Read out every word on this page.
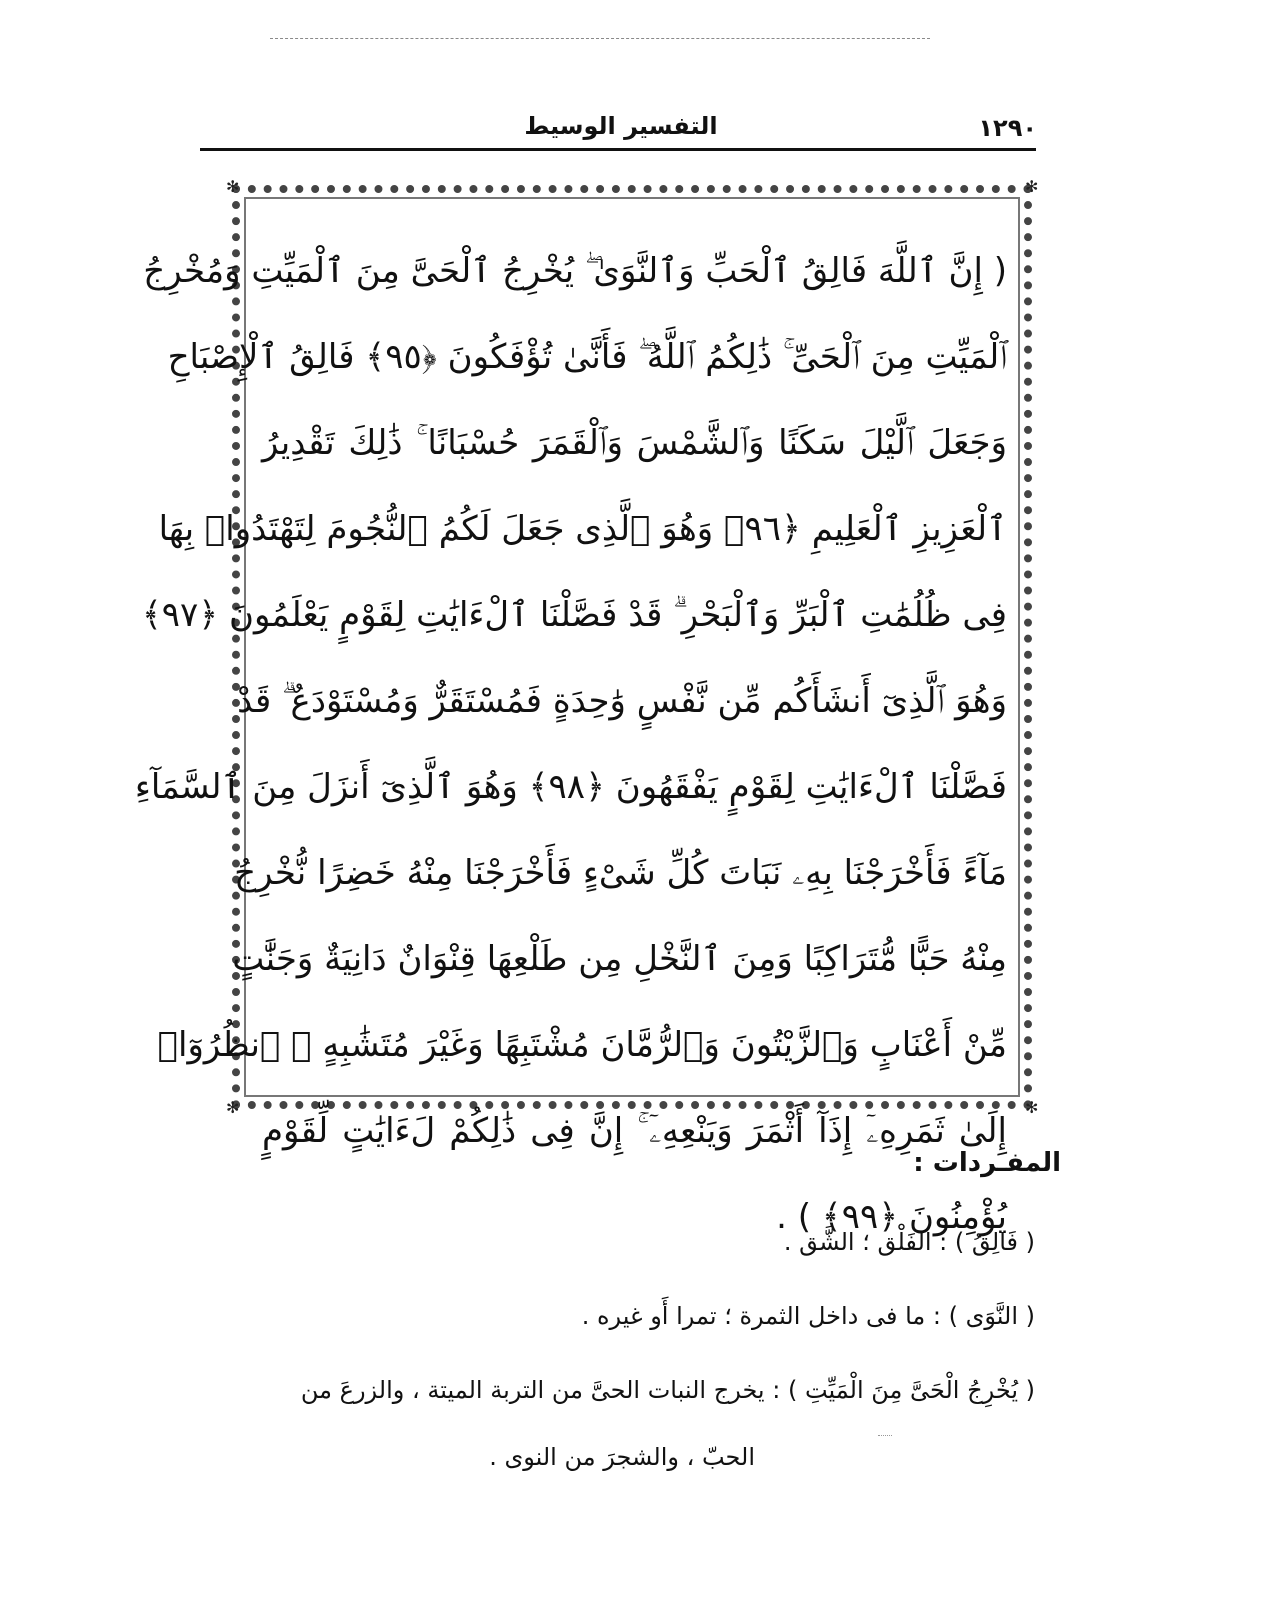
١٢٩٠
التفسير الوسيط
✻	✻
✻	✻
( إِنَّ ٱللَّهَ فَالِقُ ٱلْحَبِّ وَٱلنَّوَىٰ ۖ يُخْرِجُ ٱلْحَىَّ مِنَ ٱلْمَيِّتِ وَمُخْرِجُ
ٱلْمَيِّتِ مِنَ ٱلْحَىِّ ۚ ذَٰلِكُمُ ٱللَّهُ ۖ فَأَنَّىٰ تُؤْفَكُونَ ﴿٩٥﴾ فَالِقُ ٱلْإِصْبَاحِ
وَجَعَلَ ٱلَّيْلَ سَكَنًا وَٱلشَّمْسَ وَٱلْقَمَرَ حُسْبَانًا ۚ ذَٰلِكَ تَقْدِيرُ
ٱلْعَزِيزِ ٱلْعَلِيمِ ﴿٩٦﴾ وَهُوَ ٱلَّذِى جَعَلَ لَكُمُ ٱلنُّجُومَ لِتَهْتَدُوا۟ بِهَا
فِى ظُلُمَٰتِ ٱلْبَرِّ وَٱلْبَحْرِ ۗ قَدْ فَصَّلْنَا ٱلْءَايَٰتِ لِقَوْمٍ يَعْلَمُونَ ﴿٩٧﴾
وَهُوَ ٱلَّذِىٓ أَنشَأَكُم مِّن نَّفْسٍ وَٰحِدَةٍ فَمُسْتَقَرٌّ وَمُسْتَوْدَعٌ ۗ قَدْ
فَصَّلْنَا ٱلْءَايَٰتِ لِقَوْمٍ يَفْقَهُونَ ﴿٩٨﴾ وَهُوَ ٱلَّذِىٓ أَنزَلَ مِنَ ٱلسَّمَآءِ
مَآءً فَأَخْرَجْنَا بِهِۦ نَبَاتَ كُلِّ شَىْءٍ فَأَخْرَجْنَا مِنْهُ خَضِرًا نُّخْرِجُ
مِنْهُ حَبًّا مُّتَرَاكِبًا وَمِنَ ٱلنَّخْلِ مِن طَلْعِهَا قِنْوَانٌ دَانِيَةٌ وَجَنَّٰتٍ
مِّنْ أَعْنَابٍ وَٱلزَّيْتُونَ وَٱلرُّمَّانَ مُشْتَبِهًا وَغَيْرَ مُتَشَٰبِهٍ ۗ ٱنظُرُوٓا۟
إِلَىٰ ثَمَرِهِۦٓ إِذَآ أَثْمَرَ وَيَنْعِهِۦٓ ۚ إِنَّ فِى ذَٰلِكُمْ لَءَايَٰتٍ لِّقَوْمٍ
يُؤْمِنُونَ ﴿٩٩﴾ ) .
المفـردات :
( فَالِقُ ) : الفَلْق ؛ الشَّق .
( النَّوَى ) : ما فى داخل الثمرة ؛ تمرا أَو غيره .
( يُخْرِجُ الْحَىَّ مِنَ الْمَيِّتِ ) : يخرج النبات الحىَّ من التربة الميتة ، والزرعَ من
الحبّ ، والشجرَ من النوى .
